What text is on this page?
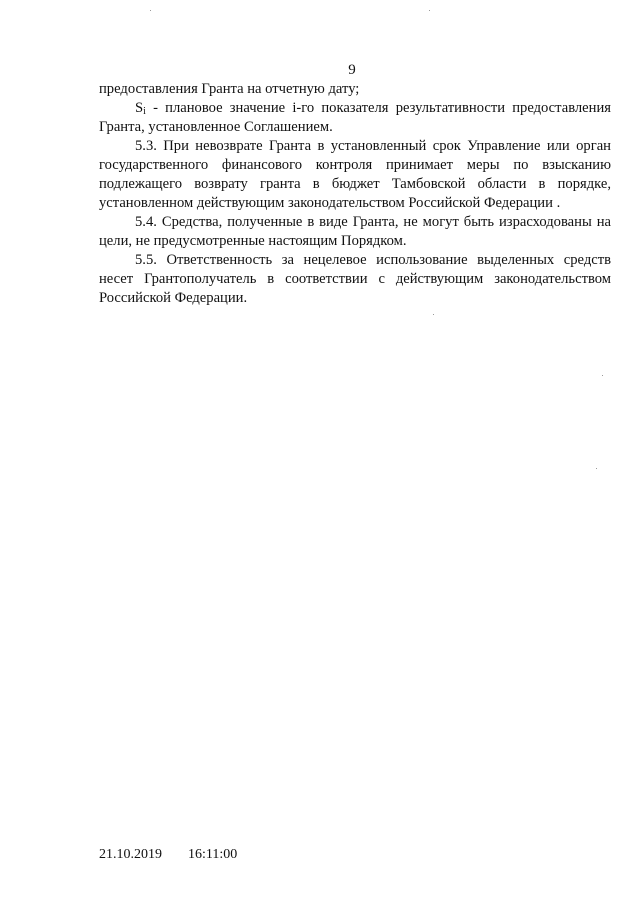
9

предоставления Гранта на отчетную дату;

$S_i$ - плановое значение i-го показателя результативности предоставления Гранта, установленное Соглашением.

5.3. При невозврате Гранта в установленный срок Управление или орган государственного финансового контроля принимает меры по взысканию подлежащего возврату гранта в бюджет Тамбовской области в порядке, установленном действующим законодательством Российской Федерации .

5.4. Средства, полученные в виде Гранта, не могут быть израсходованы на цели, не предусмотренные настоящим Порядком.

5.5. Ответственность за нецелевое использование выделенных средств несет Грантополучатель в соответствии с действующим законодательством Российской Федерации.

21.10.2019 16:11:00
